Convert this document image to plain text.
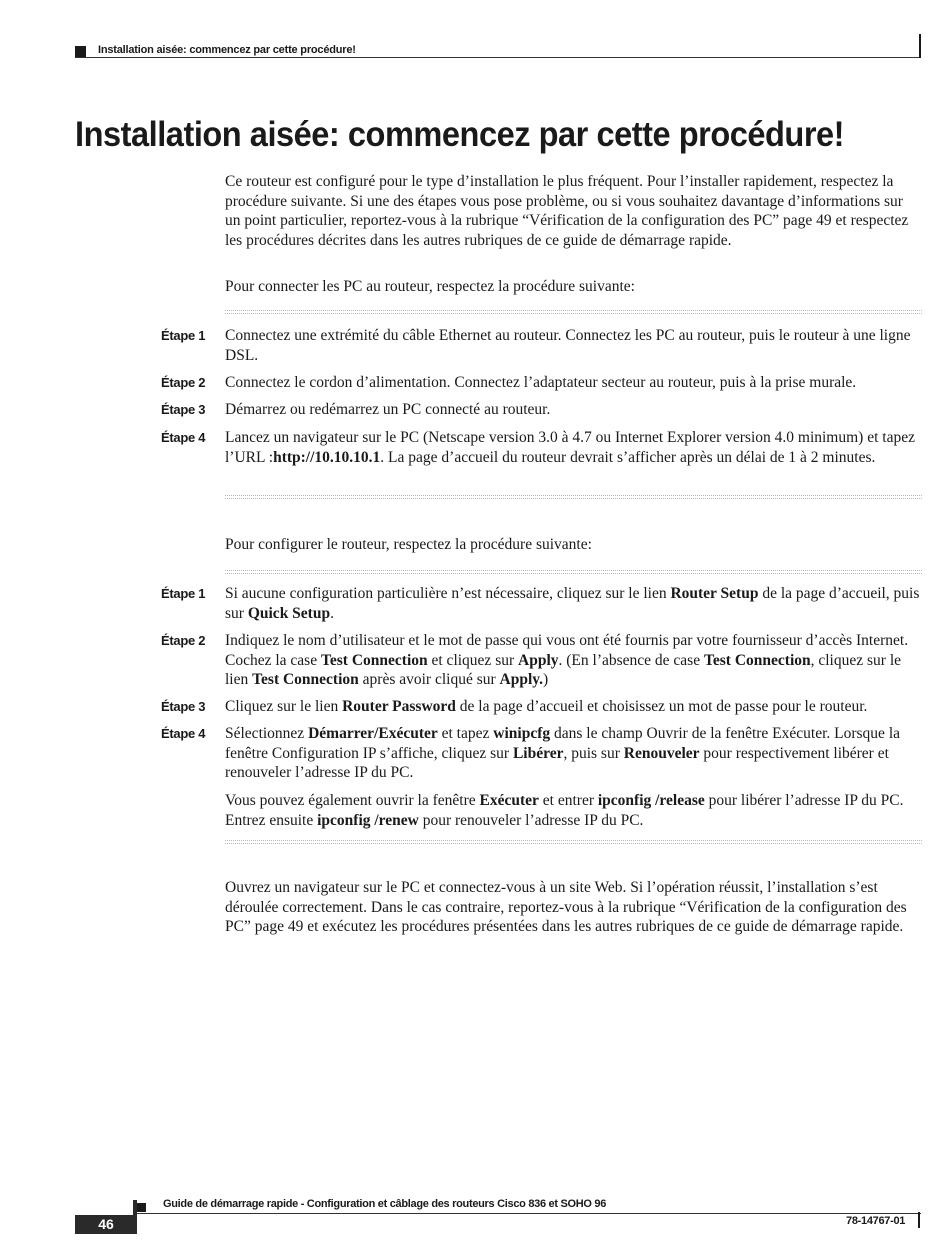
Installation aisée: commencez par cette procédure!
Installation aisée: commencez par cette procédure!

Ce routeur est configuré pour le type d’installation le plus fréquent. Pour l’installer rapidement, respectez la procédure suivante. Si une des étapes vous pose problème, ou si vous souhaitez davantage d’informations sur un point particulier, reportez-vous à la rubrique “Vérification de la configuration des PC” page 49 et respectez les procédures décrites dans les autres rubriques de ce guide de démarrage rapide.

Pour connecter les PC au routeur, respectez la procédure suivante:

Étape 1 Connectez une extrémité du câble Ethernet au routeur. Connectez les PC au routeur, puis le routeur à une ligne DSL.

Étape 2 Connectez le cordon d’alimentation. Connectez l’adaptateur secteur au routeur, puis à la prise murale.

Étape 3 Démarrez ou redémarrez un PC connecté au routeur.

Étape 4 Lancez un navigateur sur le PC (Netscape version 3.0 à 4.7 ou Internet Explorer version 4.0 minimum) et tapez l’URL :http://10.10.10.1. La page d’accueil du routeur devrait s’afficher après un délai de 1 à 2 minutes.

Pour configurer le routeur, respectez la procédure suivante:

Étape 1 Si aucune configuration particulière n’est nécessaire, cliquez sur le lien Router Setup de la page d’accueil, puis sur Quick Setup.

Étape 2 Indiquez le nom d’utilisateur et le mot de passe qui vous ont été fournis par votre fournisseur d’accès Internet. Cochez la case Test Connection et cliquez sur Apply. (En l’absence de case Test Connection, cliquez sur le lien Test Connection après avoir cliqué sur Apply.)

Étape 3 Cliquez sur le lien Router Password de la page d’accueil et choisissez un mot de passe pour le routeur.

Étape 4 Sélectionnez Démarrer/Exécuter et tapez winipcfg dans le champ Ouvrir de la fenêtre Exécuter. Lorsque la fenêtre Configuration IP s’affiche, cliquez sur Libérer, puis sur Renouveler pour respectivement libérer et renouveler l’adresse IP du PC.

Vous pouvez également ouvrir la fenêtre Exécuter et entrer ipconfig /release pour libérer l’adresse IP du PC. Entrez ensuite ipconfig /renew pour renouveler l’adresse IP du PC.

Ouvrez un navigateur sur le PC et connectez-vous à un site Web. Si l’opération réussit, l’installation s’est déroulée correctement. Dans le cas contraire, reportez-vous à la rubrique “Vérification de la configuration des PC” page 49 et exécutez les procédures présentées dans les autres rubriques de ce guide de démarrage rapide.

Guide de démarrage rapide - Configuration et câblage des routeurs Cisco 836 et SOHO 96
46	78-14767-01
